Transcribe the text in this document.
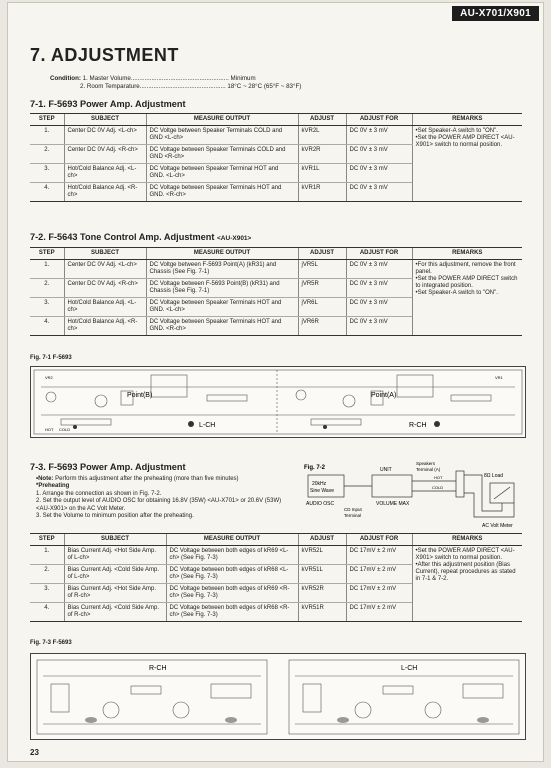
AU-X701/X901
7. ADJUSTMENT
Condition: 1. Master Volume......................................................... Minimum
2. Room Temparature.................................................. 18°C ~ 28°C (65°F ~ 83°F)
7-1. F-5693 Power Amp. Adjustment
STEP	SUBJECT	MEASURE OUTPUT	ADJUST	ADJUST FOR	REMARKS
1.	Center DC 0V Adj. <L-ch>	DC Voltge between Speaker Terminals COLD and GND <L-ch>	kVR2L	DC 0V ± 3 mV	•Set Speaker-A switch to "ON".
•Set the POWER AMP DIRECT <AU-X901> switch to normal position.

2.	Center DC 0V Adj. <R-ch>	DC Voltage between Speaker Terminals COLD and GND <R-ch>	kVR2R	DC 0V ± 3 mV	
3.	Hot/Cold Balance Adj. <L-ch>	DC Voltage between Speaker Terminal HOT and GND. <L-ch>	kVR1L	DC 0V ± 3 mV	
4.	Hot/Cold Balance Adj. <R-ch>	DC Voltage between Speaker Terminals HOT and GND. <R-ch>	kVR1R	DC 0V ± 3 mV	
7-2. F-5643 Tone Control Amp. Adjustment <AU-X901>
STEP	SUBJECT	MEASURE OUTPUT	ADJUST	ADJUST FOR	REMARKS
1.	Center DC 0V Adj. <L-ch>	DC Voltge between F-5693 Point(A) (kR31) and Chassis (See Fig. 7-1)	jVR5L	DC 0V ± 3 mV	•For this adjustment, remove the front panel.
•Set the POWER AMP DIRECT switch to integrated position.
•Set Speaker-A switch to "ON".

2.	Center DC 0V Adj. <R-ch>	DC Voltage between F-5693 Point(B) (kR31) and Chassis (See Fig. 7-1)	jVR5R	DC 0V ± 3 mV	
3.	Hot/Cold Balance Adj. <L-ch>	DC Voltage between Speaker Terminals HOT and GND. <L-ch>	jVR6L	DC 0V ± 3 mV	
4.	Hot/Cold Balance Adj. <R-ch>	DC Voltage between Speaker Terminals HOT and GND. <R-ch>	jVR6R	DC 0V ± 3 mV	
Fig. 7-1 F-5693
Point(B)	Point(A)
L-CH	R-CH
HOT COLD
VR2	VR1
7-3. F-5693 Power Amp. Adjustment
•Note: Perform this adjustment after the preheating (more than five minutes)
*Preheating
1. Arrange the connection as shown in Fig. 7-2.
2. Set the output level of AUDIO OSC for obtaining 16.8V (35W) <AU-X701> or 20.6V (53W) <AU-X901> on the AC Volt Meter.
3. Set the Volume to minimum position after the preheating.
Fig. 7-2
20kHz
Sine Wave
AUDIO OSC
UNIT
VOLUME MAX
CD Input
Terminal
Speakers
Terminal (A)
HOT
COLD
8Ω Load
AC Volt Meter
STEP	SUBJECT	MEASURE OUTPUT	ADJUST	ADJUST FOR	REMARKS
1.	Bias Current Adj. <Hot Side Amp. of L-ch>	DC Voltage between both edges of kR69 <L-ch> (See Fig. 7-3)	kVR52L	DC 17mV ± 2 mV	•Set the POWER AMP DIRECT <AU-X901> switch to normal position.
•After this adjustment position (Bias Current), repeat procedures as stated in 7-1 & 7-2.

2.	Bias Current Adj. <Cold Side Amp. of L-ch>	DC Voltage between both edges of kR68 <L-ch> (See Fig. 7-3)	kVR51L	DC 17mV ± 2 mV	
3.	Bias Current Adj. <Hot Side Amp. of R-ch>	DC Voltage between both edges of kR69 <R-ch> (See Fig. 7-3)	kVR52R	DC 17mV ± 2 mV	
4.	Bias Current Adj. <Cold Side Amp. of R-ch>	DC Voltage between both edges of kR68 <R-ch> (See Fig. 7-3)	kVR51R	DC 17mV ± 2 mV	
Fig. 7-3 F-5693
R-CH	L-CH
23
